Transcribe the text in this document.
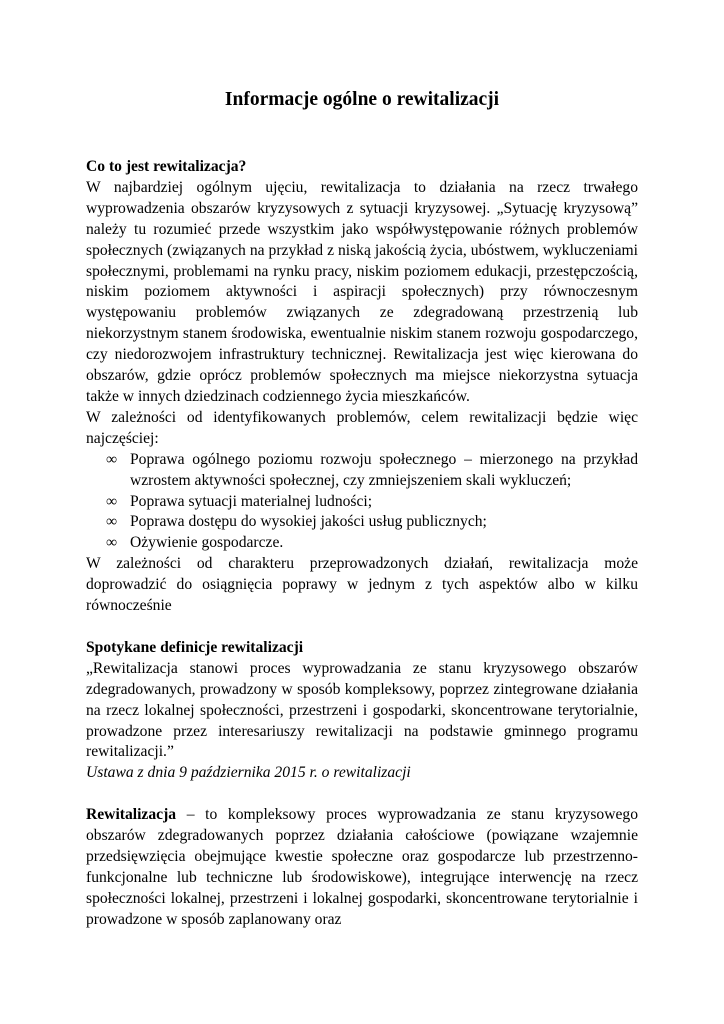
Informacje ogólne o rewitalizacji

Co to jest rewitalizacja?

W najbardziej ogólnym ujęciu, rewitalizacja to działania na rzecz trwałego wyprowadzenia obszarów kryzysowych z sytuacji kryzysowej. „Sytuację kryzysową” należy tu rozumieć przede wszystkim jako współwystępowanie różnych problemów społecznych (związanych na przykład z niską jakością życia, ubóstwem, wykluczeniami społecznymi, problemami na rynku pracy, niskim poziomem edukacji, przestępczością, niskim poziomem aktywności i aspiracji społecznych) przy równoczesnym występowaniu problemów związanych ze zdegradowaną przestrzenią lub niekorzystnym stanem środowiska, ewentualnie niskim stanem rozwoju gospodarczego, czy niedorozwojem infrastruktury technicznej. Rewitalizacja jest więc kierowana do obszarów, gdzie oprócz problemów społecznych ma miejsce niekorzystna sytuacja także w innych dziedzinach codziennego życia mieszkańców.

W zależności od identyfikowanych problemów, celem rewitalizacji będzie więc najczęściej:

∞ Poprawa ogólnego poziomu rozwoju społecznego – mierzonego na przykład wzrostem aktywności społecznej, czy zmniejszeniem skali wykluczeń;
∞ Poprawa sytuacji materialnej ludności;
∞ Poprawa dostępu do wysokiej jakości usług publicznych;
∞ Ożywienie gospodarcze.

W zależności od charakteru przeprowadzonych działań, rewitalizacja może doprowadzić do osiągnięcia poprawy w jednym z tych aspektów albo w kilku równocześnie

Spotykane definicje rewitalizacji

„Rewitalizacja stanowi proces wyprowadzania ze stanu kryzysowego obszarów zdegradowanych, prowadzony w sposób kompleksowy, poprzez zintegrowane działania na rzecz lokalnej społeczności, przestrzeni i gospodarki, skoncentrowane terytorialnie, prowadzone przez interesariuszy rewitalizacji na podstawie gminnego programu rewitalizacji.”

Ustawa z dnia 9 października 2015 r. o rewitalizacji

Rewitalizacja – to kompleksowy proces wyprowadzania ze stanu kryzysowego obszarów zdegradowanych poprzez działania całościowe (powiązane wzajemnie przedsięwzięcia obejmujące kwestie społeczne oraz gospodarcze lub przestrzenno-funkcjonalne lub techniczne lub środowiskowe), integrujące interwencję na rzecz społeczności lokalnej, przestrzeni i lokalnej gospodarki, skoncentrowane terytorialnie i prowadzone w sposób zaplanowany oraz
